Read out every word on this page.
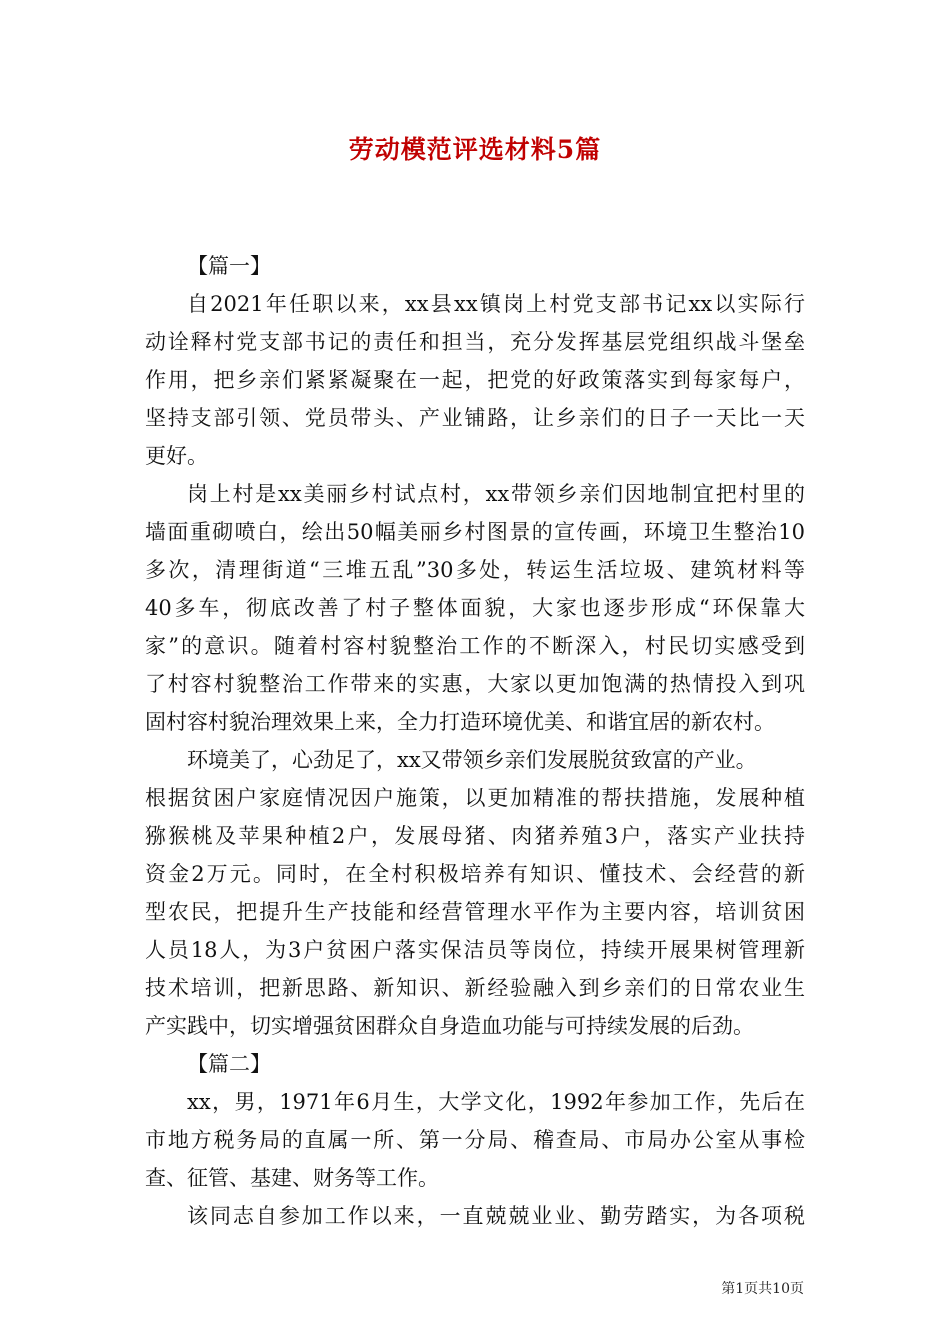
劳动模范评选材料5篇
【篇一】
自2021年任职以来，xx县xx镇岗上村党支部书记xx以实际行
动诠释村党支部书记的责任和担当，充分发挥基层党组织战斗堡垒
作用，把乡亲们紧紧凝聚在一起，把党的好政策落实到每家每户，
坚持支部引领、党员带头、产业铺路，让乡亲们的日子一天比一天
更好。
岗上村是xx美丽乡村试点村，xx带领乡亲们因地制宜把村里的
墙面重砌喷白，绘出50幅美丽乡村图景的宣传画，环境卫生整治10
多次，清理街道“三堆五乱”30多处，转运生活垃圾、建筑材料等
40多车，彻底改善了村子整体面貌，大家也逐步形成“环保靠大
家”的意识。随着村容村貌整治工作的不断深入，村民切实感受到
了村容村貌整治工作带来的实惠，大家以更加饱满的热情投入到巩
固村容村貌治理效果上来，全力打造环境优美、和谐宜居的新农村。
环境美了，心劲足了，xx又带领乡亲们发展脱贫致富的产业。
根据贫困户家庭情况因户施策，以更加精准的帮扶措施，发展种植
猕猴桃及苹果种植2户，发展母猪、肉猪养殖3户，落实产业扶持
资金2万元。同时，在全村积极培养有知识、懂技术、会经营的新
型农民，把提升生产技能和经营管理水平作为主要内容，培训贫困
人员18人，为3户贫困户落实保洁员等岗位，持续开展果树管理新
技术培训，把新思路、新知识、新经验融入到乡亲们的日常农业生
产实践中，切实增强贫困群众自身造血功能与可持续发展的后劲。
【篇二】
xx，男，1971年6月生，大学文化，1992年参加工作，先后在
市地方税务局的直属一所、第一分局、稽查局、市局办公室从事检
查、征管、基建、财务等工作。
该同志自参加工作以来，一直兢兢业业、勤劳踏实，为各项税
第1页共10页
